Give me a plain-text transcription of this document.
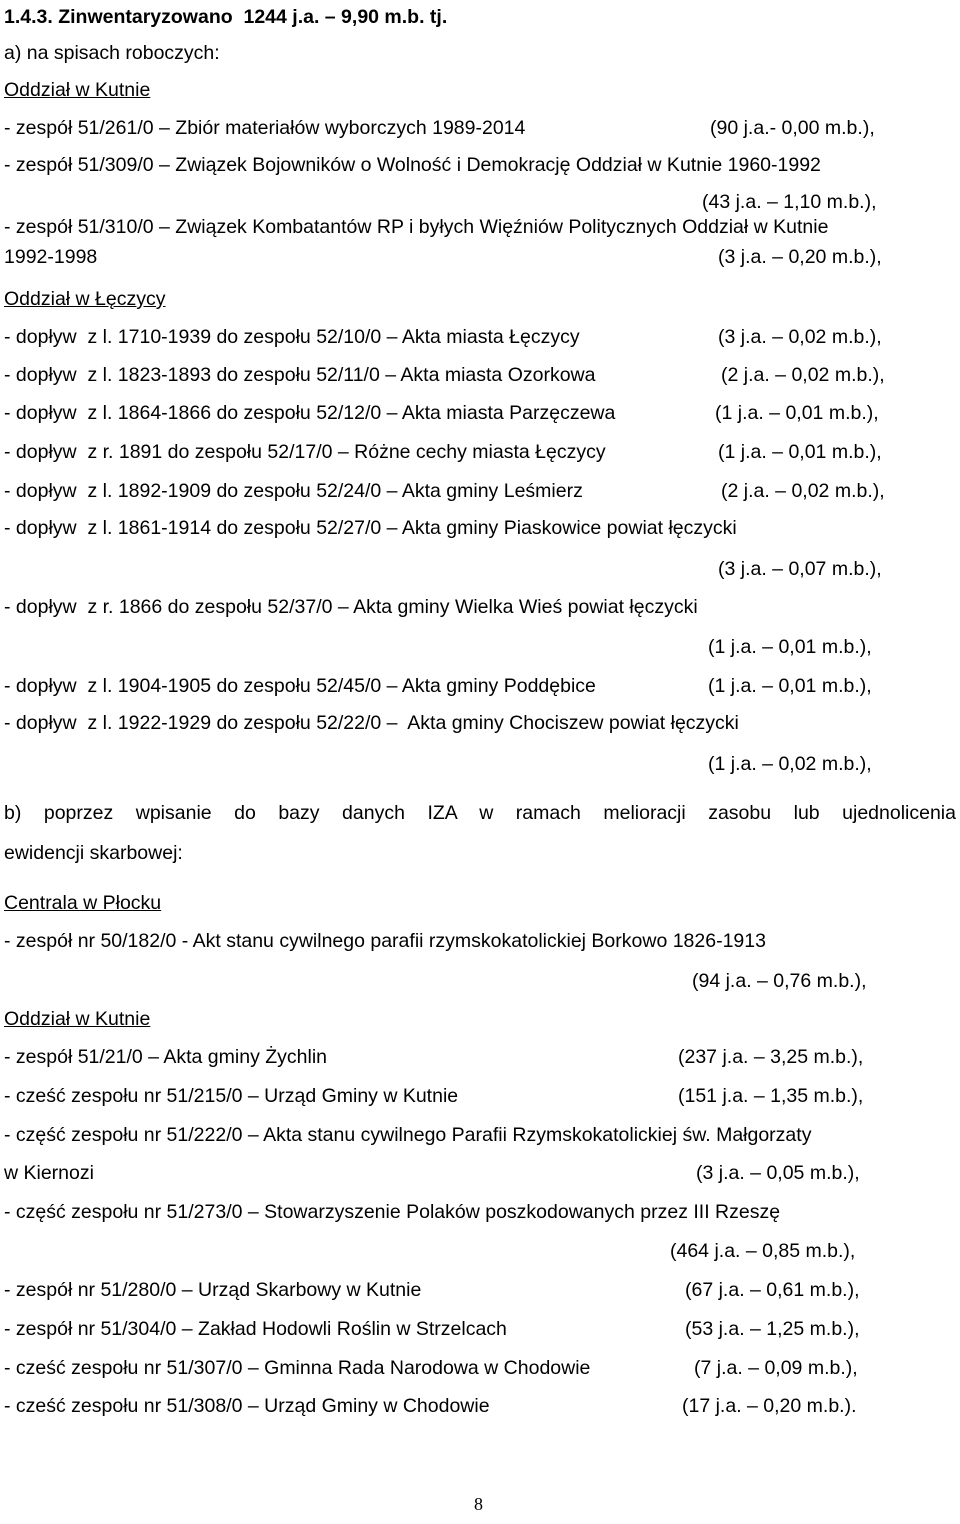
1.4.3. Zinwentaryzowano  1244 j.a. – 9,90 m.b. tj.
a) na spisach roboczych:
Oddział w Kutnie
- zespół 51/261/0 – Zbiór materiałów wyborczych 1989-2014	(90 j.a.- 0,00 m.b.),
- zespół 51/309/0 – Związek Bojowników o Wolność i Demokrację Oddział w Kutnie 1960-1992
(43 j.a. – 1,10 m.b.),
- zespół 51/310/0 – Związek Kombatantów RP i byłych Więźniów Politycznych Oddział w Kutnie
1992-1998	(3 j.a. – 0,20 m.b.),
Oddział w Łęczycy
- dopływ  z l. 1710-1939 do zespołu 52/10/0 – Akta miasta Łęczycy	(3 j.a. – 0,02 m.b.),
- dopływ  z l. 1823-1893 do zespołu 52/11/0 – Akta miasta Ozorkowa	(2 j.a. – 0,02 m.b.),
- dopływ  z l. 1864-1866 do zespołu 52/12/0 – Akta miasta Parzęczewa	(1 j.a. – 0,01 m.b.),
- dopływ  z r. 1891 do zespołu 52/17/0 – Różne cechy miasta Łęczycy	(1 j.a. – 0,01 m.b.),
- dopływ  z l. 1892-1909 do zespołu 52/24/0 – Akta gminy Leśmierz	(2 j.a. – 0,02 m.b.),
- dopływ  z l. 1861-1914 do zespołu 52/27/0 – Akta gminy Piaskowice powiat łęczycki
(3 j.a. – 0,07 m.b.),
- dopływ  z r. 1866 do zespołu 52/37/0 – Akta gminy Wielka Wieś powiat łęczycki
(1 j.a. – 0,01 m.b.),
- dopływ  z l. 1904-1905 do zespołu 52/45/0 – Akta gminy Poddębice	(1 j.a. – 0,01 m.b.),
- dopływ  z l. 1922-1929 do zespołu 52/22/0 –  Akta gminy Chociszew powiat łęczycki
(1 j.a. – 0,02 m.b.),
b)  poprzez  wpisanie  do  bazy  danych  IZA  w  ramach  melioracji  zasobu  lub  ujednolicenia
ewidencji skarbowej:
Centrala w Płocku
- zespół nr 50/182/0 - Akt stanu cywilnego parafii rzymskokatolickiej Borkowo 1826-1913
(94 j.a. – 0,76 m.b.),
Oddział w Kutnie
- zespół 51/21/0 – Akta gminy Żychlin	(237 j.a. – 3,25 m.b.),
- cześć zespołu nr 51/215/0 – Urząd Gminy w Kutnie	(151 j.a. – 1,35 m.b.),
- część zespołu nr 51/222/0 – Akta stanu cywilnego Parafii Rzymskokatolickiej św. Małgorzaty
w Kiernozi	(3 j.a. – 0,05 m.b.),
- część zespołu nr 51/273/0 – Stowarzyszenie Polaków poszkodowanych przez III Rzeszę
(464 j.a. – 0,85 m.b.),
- zespół nr 51/280/0 – Urząd Skarbowy w Kutnie	(67 j.a. – 0,61 m.b.),
- zespół nr 51/304/0 – Zakład Hodowli Roślin w Strzelcach	(53 j.a. – 1,25 m.b.),
- cześć zespołu nr 51/307/0 – Gminna Rada Narodowa w Chodowie	(7 j.a. – 0,09 m.b.),
- cześć zespołu nr 51/308/0 – Urząd Gminy w Chodowie	(17 j.a. – 0,20 m.b.).
8
